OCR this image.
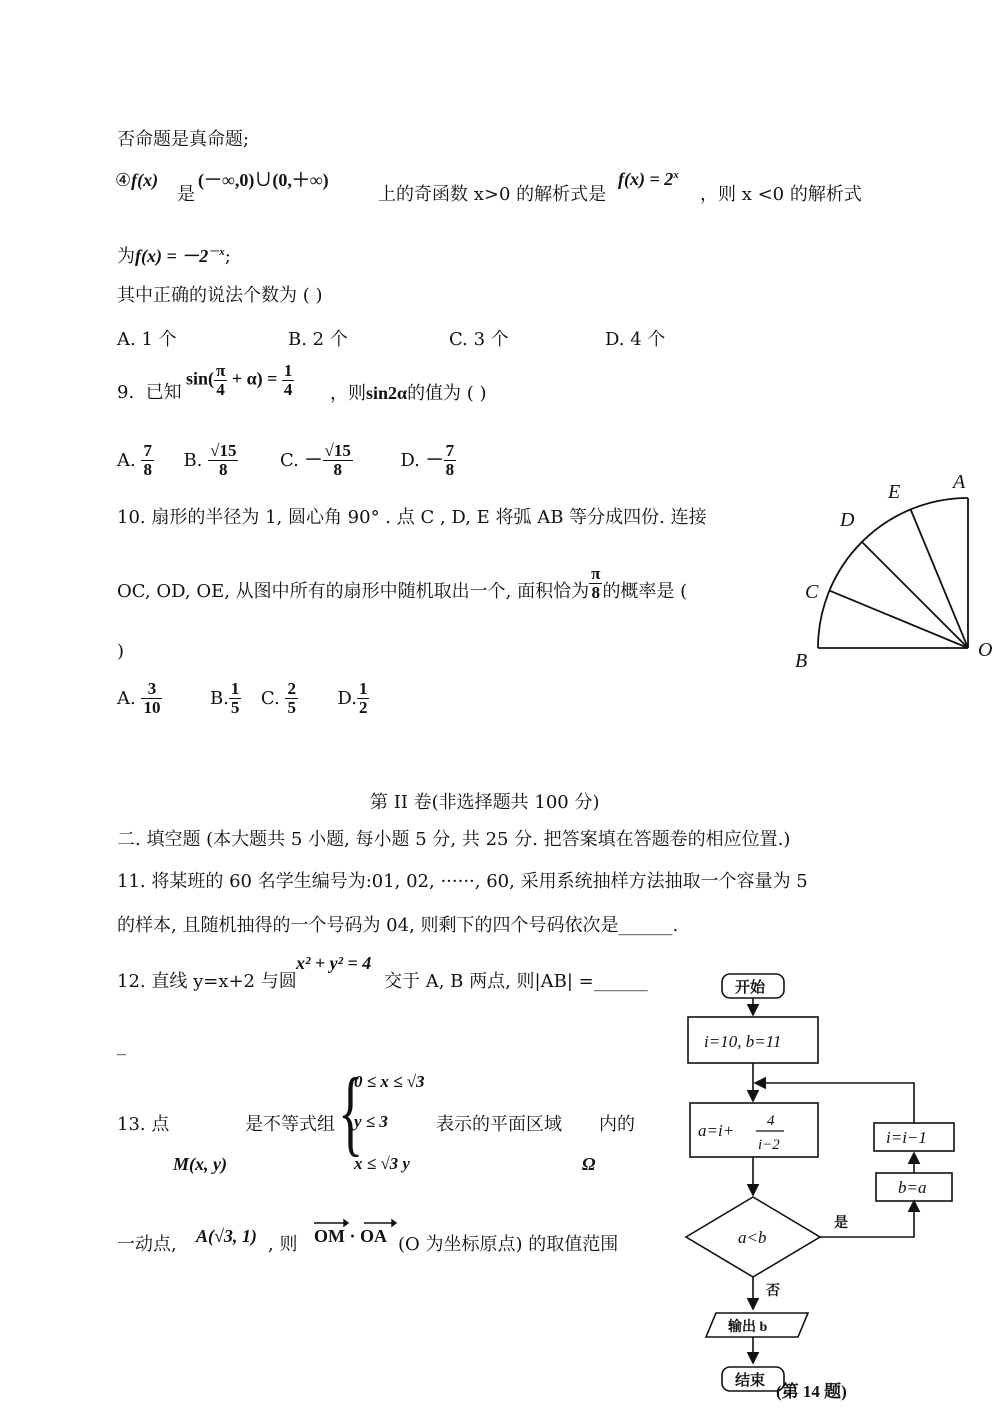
否命题是真命题;
④f(x)
是
(－∞,0)∪(0,＋∞)
上的奇函数 x>0 的解析式是
$f(x) = 2^x$
，则 x <0 的解析式
为$f(x) = -2^{-x}$;
其中正确的说法个数为 ( )
A. 1 个	B. 2 个	C. 3 个	D. 4 个
9. 已知
$\sin( \frac{\pi}{4} + \alpha) = \frac{1}{4}$ ，则sin2α的值为 ( )
A. $\frac{7}{8} B$. $\frac{√15}{8} C$. － $\frac{√15}{8}$	D. － $\frac{7}{8}$
10. 扇形的半径为 1, 圆心角 90° . 点 C , D, E 将弧 AB 等分成四份. 连接
OC, OD, OE, 从图中所有的扇形中随机取出一个, 面积恰为 $\frac{\pi}{8}$ 的概率是 (
)
A. $\frac{3}{10}$	B. $\frac{1}{5} C$. $\frac{2}{5} D$. $\frac{1}{2}$
A
E
D
C
B	O
第 II 卷(非选择题共 100 分)
二. 填空题 (本大题共 5 小题, 每小题 5 分, 共 25 分. 把答案填在答题卷的相应位置.)
11. 将某班的 60 名学生编号为:01, 02, ······, 60, 采用系统抽样方法抽取一个容量为 5
的样本, 且随机抽得的一个号码为 04, 则剩下的四个号码依次是______.
12. 直线 y=x+2 与圆
x² + y² = 4
交于 A, B 两点, 则|AB| =______
_
13. 点
M(x, y)
是不等式组 {
0 ≤ x ≤ √3
y ≤ 3
x ≤ √3 y
表示的平面区域
Ω
内的
一动点, A(√3, 1) , 则 OM · OA (O 为坐标原点) 的取值范围
开始
结束
输出 b
是
否
i=10, b=11
a=i+ 4
i−2
a<b
b=a
i=i−1
(第 14 题)
